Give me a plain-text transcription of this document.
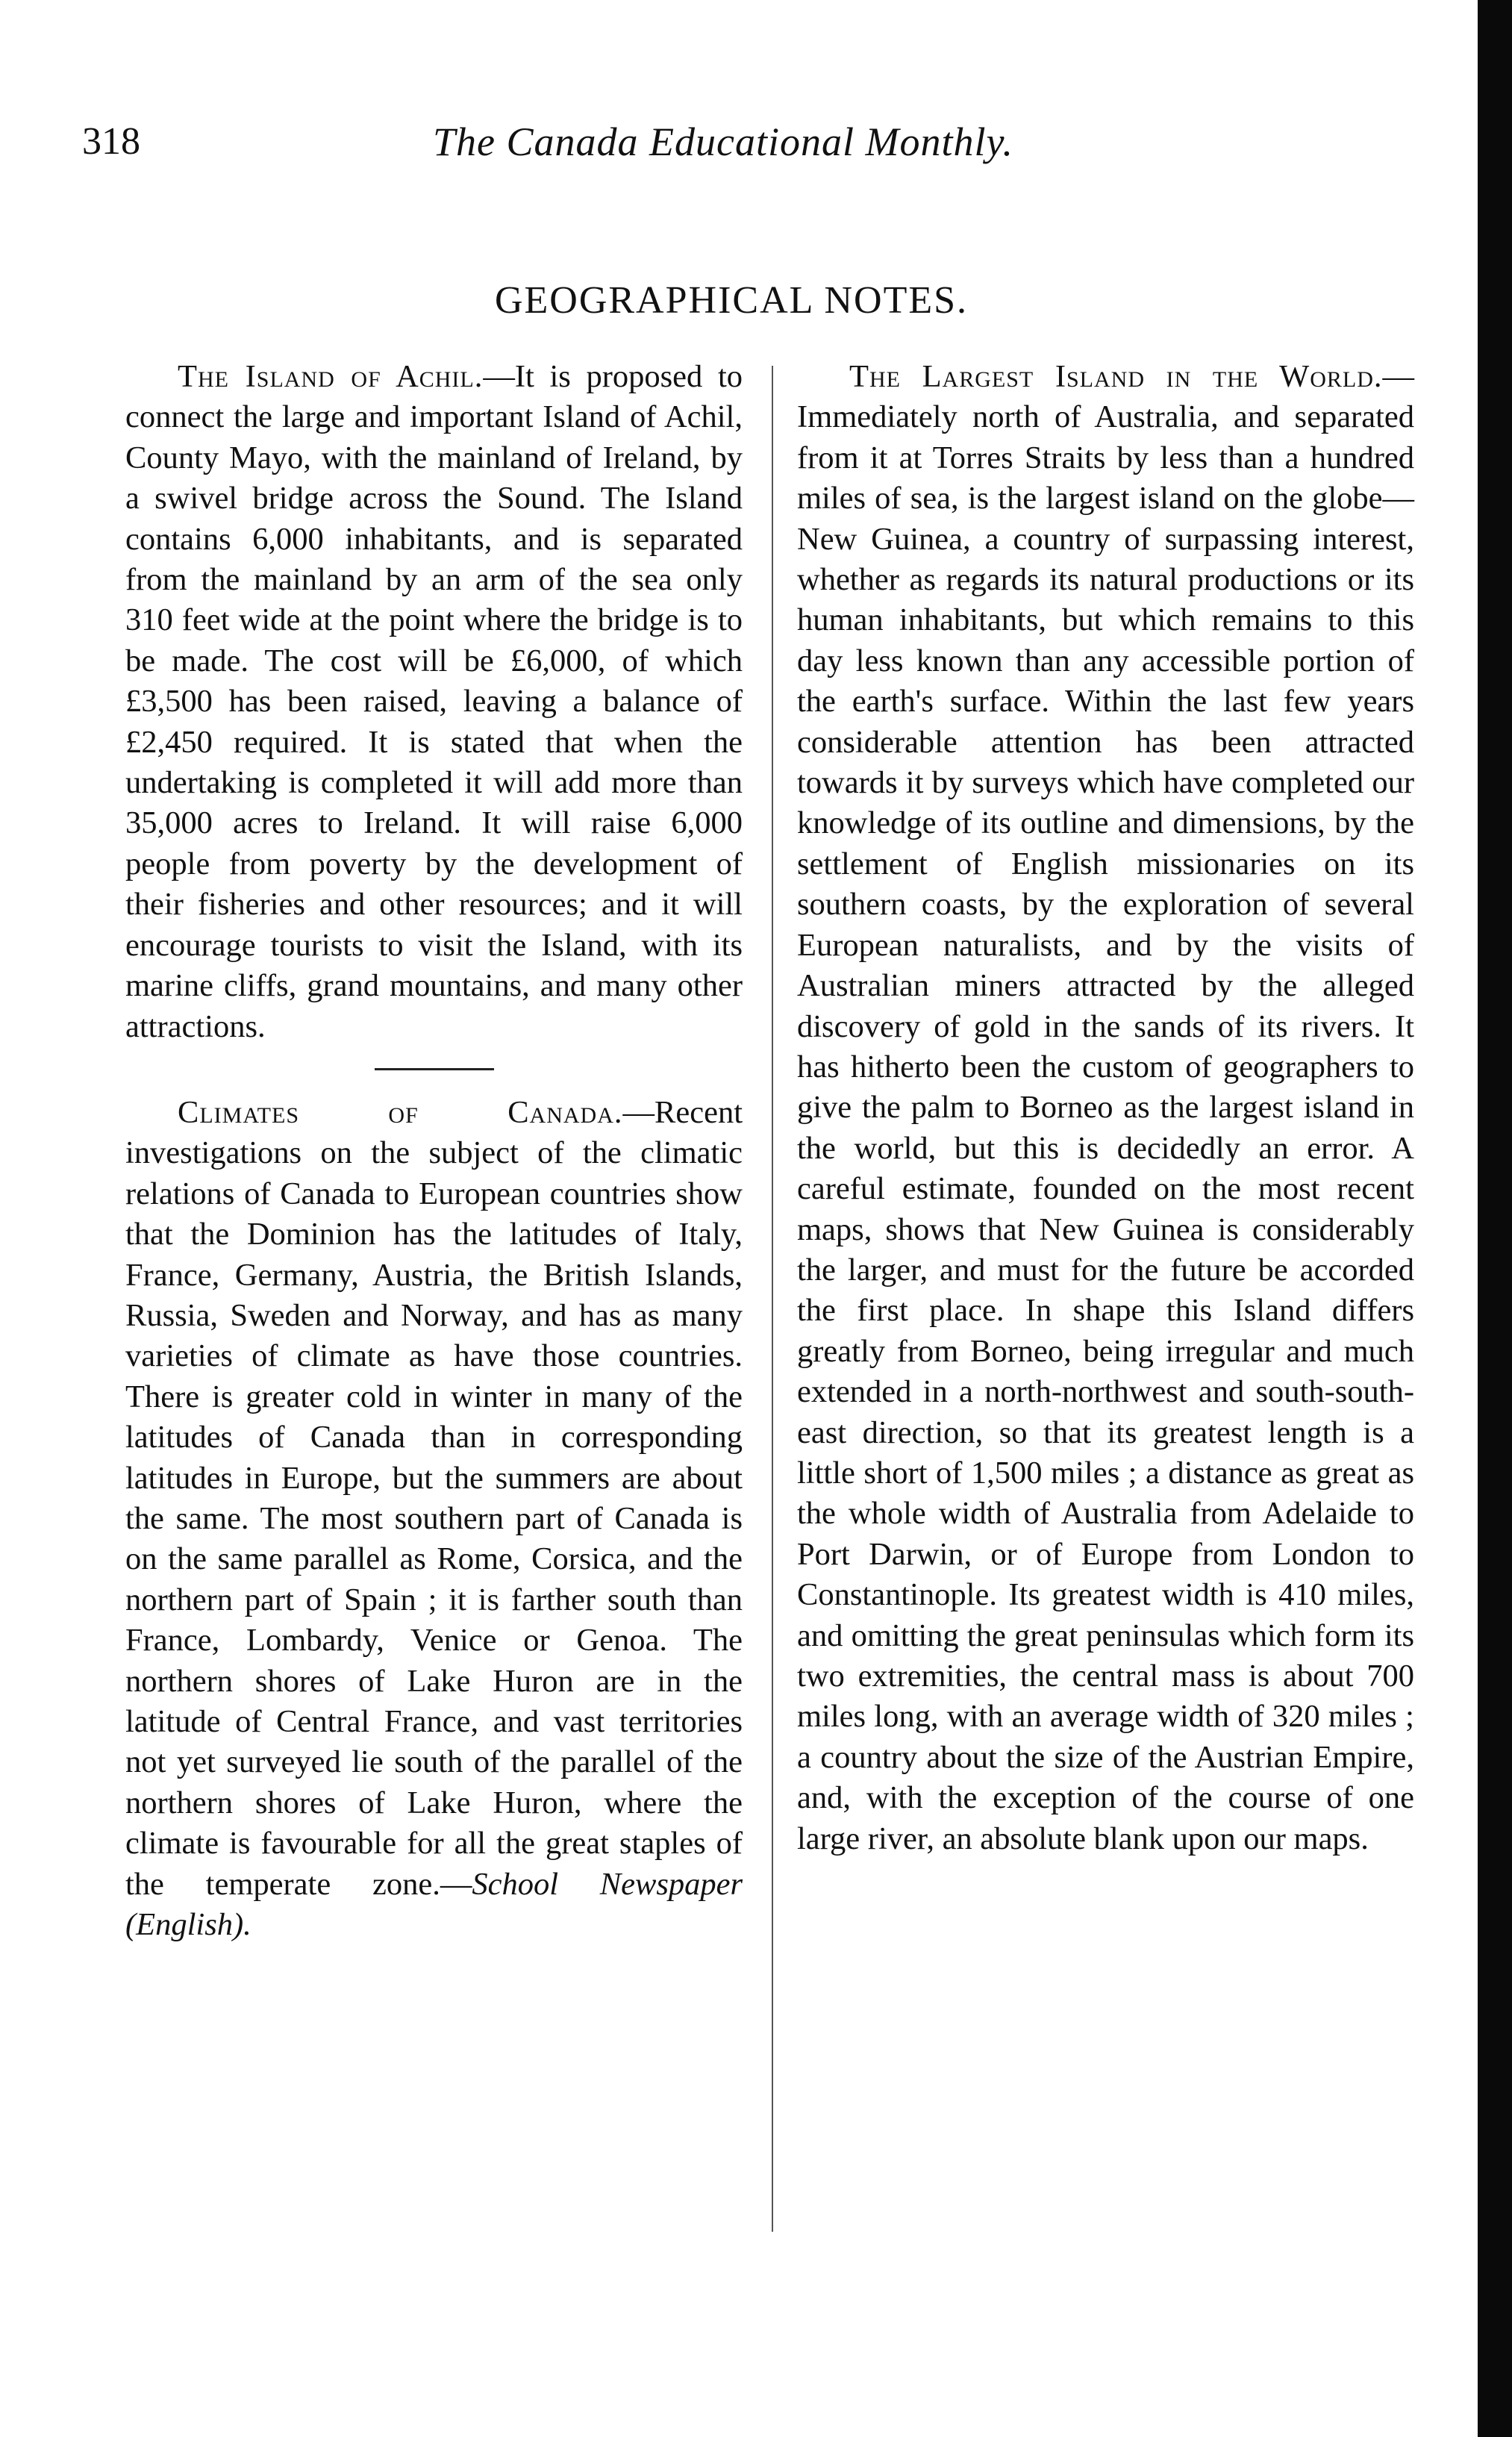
318	The Canada Educational Monthly.
GEOGRAPHICAL NOTES.

The Island of Achil.—It is proposed to connect the large and important Island of Achil, County Mayo, with the mainland of Ireland, by a swivel bridge across the Sound. The Island contains 6,000 inhabitants, and is separated from the mainland by an arm of the sea only 310 feet wide at the point where the bridge is to be made. The cost will be £6,000, of which £3,500 has been raised, leaving a balance of £2,450 required. It is stated that when the undertaking is completed it will add more than 35,000 acres to Ireland. It will raise 6,000 people from poverty by the development of their fisheries and other resources; and it will encourage tourists to visit the Island, with its marine cliffs, grand mountains, and many other attractions.

Climates of Canada.—Recent investigations on the subject of the climatic relations of Canada to European countries show that the Dominion has the latitudes of Italy, France, Germany, Austria, the British Islands, Russia, Sweden and Norway, and has as many varieties of climate as have those countries. There is greater cold in winter in many of the latitudes of Canada than in corresponding latitudes in Europe, but the summers are about the same. The most southern part of Canada is on the same parallel as Rome, Corsica, and the northern part of Spain ; it is farther south than France, Lombardy, Venice or Genoa. The northern shores of Lake Huron are in the latitude of Central France, and vast territories not yet surveyed lie south of the parallel of the northern shores of Lake Huron, where the climate is favourable for all the great staples of the temperate zone.—School Newspaper (English).

The Largest Island in the World.—Immediately north of Australia, and separated from it at Torres Straits by less than a hundred miles of sea, is the largest island on the globe—New Guinea, a country of surpassing interest, whether as regards its natural productions or its human inhabitants, but which remains to this day less known than any accessible portion of the earth's surface. Within the last few years considerable attention has been attracted towards it by surveys which have completed our knowledge of its outline and dimensions, by the settlement of English missionaries on its southern coasts, by the exploration of several European naturalists, and by the visits of Australian miners attracted by the alleged discovery of gold in the sands of its rivers. It has hitherto been the custom of geographers to give the palm to Borneo as the largest island in the world, but this is decidedly an error. A careful estimate, founded on the most recent maps, shows that New Guinea is considerably the larger, and must for the future be accorded the first place. In shape this Island differs greatly from Borneo, being irregular and much extended in a north-northwest and south-south-east direction, so that its greatest length is a little short of 1,500 miles ; a distance as great as the whole width of Australia from Adelaide to Port Darwin, or of Europe from London to Constantinople. Its greatest width is 410 miles, and omitting the great peninsulas which form its two extremities, the central mass is about 700 miles long, with an average width of 320 miles ; a country about the size of the Austrian Empire, and, with the exception of the course of one large river, an absolute blank upon our maps.
